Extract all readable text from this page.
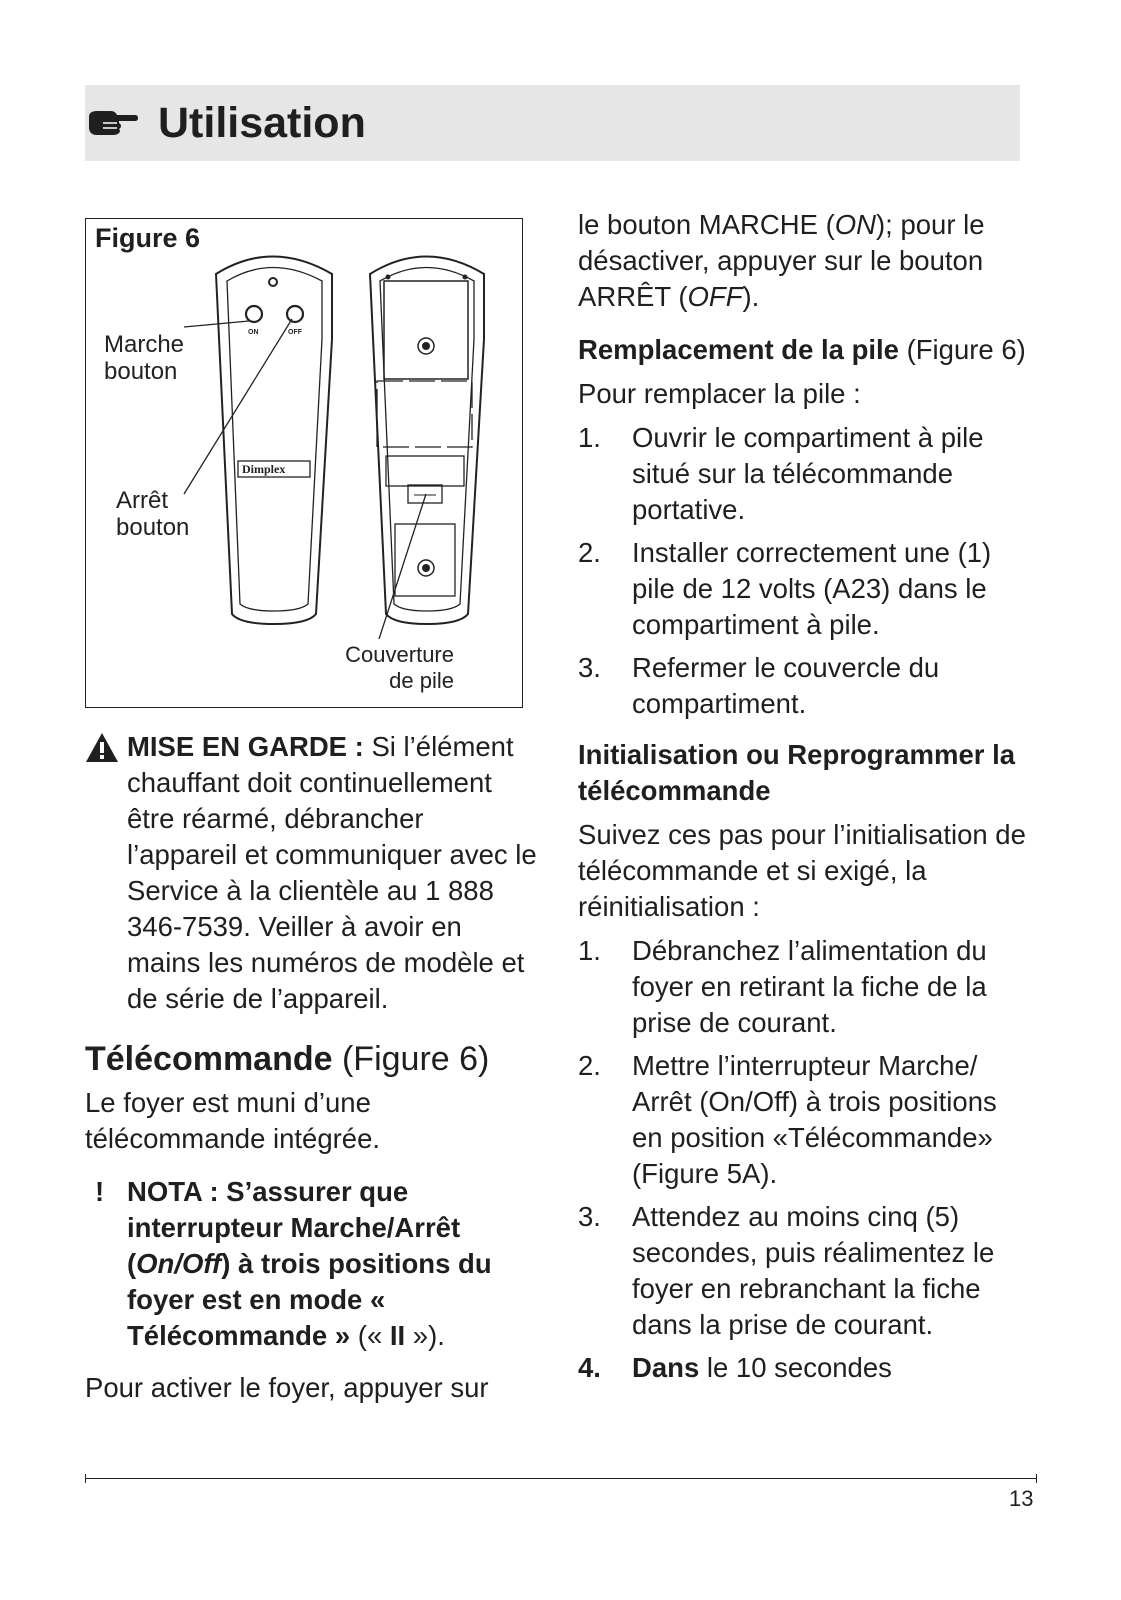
Utilisation
Figure 6
ON	OFF
Dimplex
Marche
bouton
Arrêt
bouton
Couverture
de pile

MISE EN GARDE : Si l’élément chauffant doit continuellement être réarmé, débrancher l’appareil et communiquer avec le Service à la clientèle au 1 888 346-7539. Veiller à avoir en mains les numéros de modèle et de série de l’appareil.

Télécommande (Figure 6)

Le foyer est muni d’une télécommande intégrée.

! NOTA : S’assurer que interrupteur Marche/Arrêt (On/Off) à trois positions du foyer est en mode « Télécommande » (« II »).

Pour activer le foyer, appuyer sur

le bouton MARCHE (ON); pour le désactiver, appuyer sur le bouton ARRÊT (OFF).

Remplacement de la pile (Figure 6)

Pour remplacer la pile :

1. Ouvrir le compartiment à pile situé sur la télécommande portative.
2. Installer correctement une (1) pile de 12 volts (A23) dans le compartiment à pile.
3. Refermer le couvercle du compartiment.

Initialisation ou Reprogrammer la télécommande

Suivez ces pas pour l’initialisation de télécommande et si exigé, la réinitialisation :

1. Débranchez l’alimentation du foyer en retirant la fiche de la prise de courant.
2. Mettre l’interrupteur Marche/ Arrêt (On/Off) à trois positions en position «Télécommande» (Figure 5A).
3. Attendez au moins cinq (5) secondes, puis réalimentez le foyer en rebranchant la fiche dans la prise de courant.
4. Dans le 10 secondes
13
